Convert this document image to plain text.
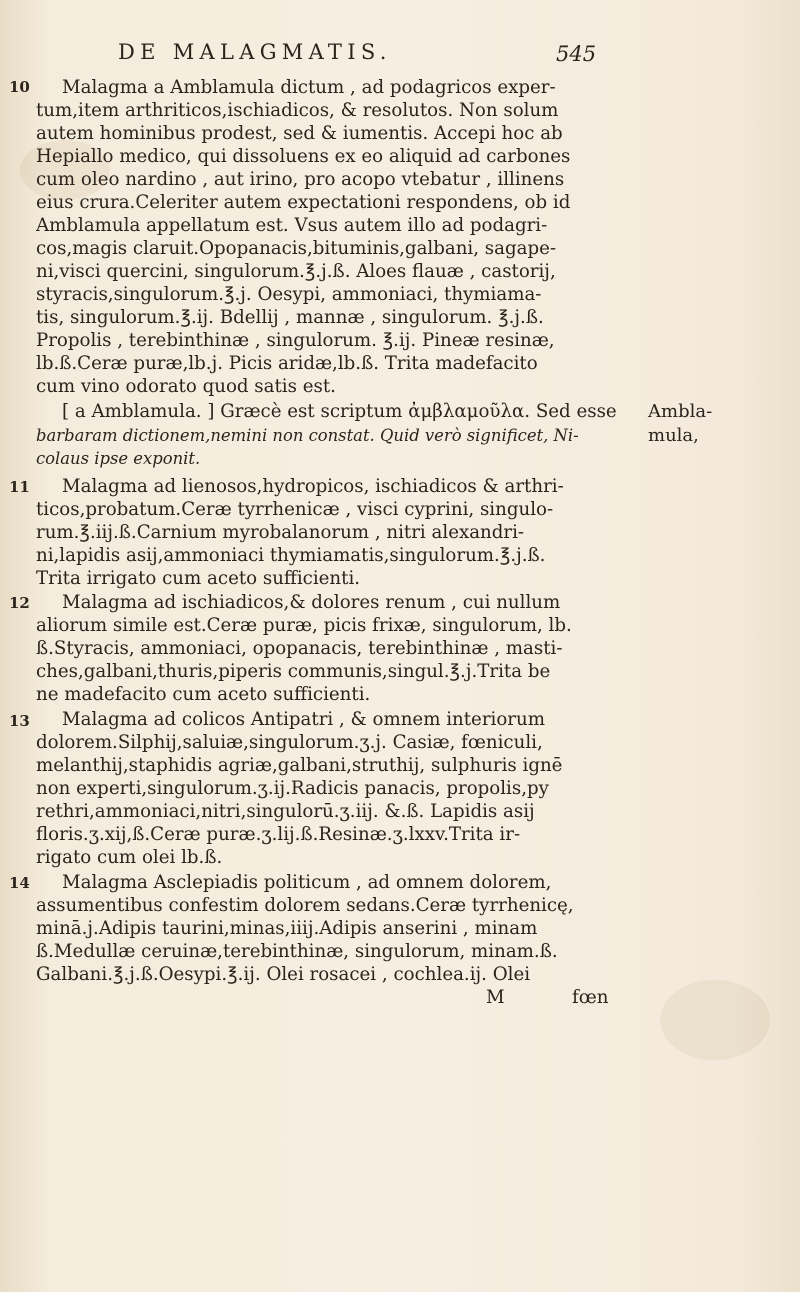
DE MALAGMATIS.	545
10 Malagma a Amblamula dictum , ad podagricos exper-
tum,item arthriticos,ischiadicos, & resolutos. Non solum
autem hominibus prodest, sed & iumentis. Accepi hoc ab
Hepiallo medico, qui dissoluens ex eo aliquid ad carbones
cum oleo nardino , aut irino, pro acopo vtebatur , illinens
eius crura.Celeriter autem expectationi respondens, ob id
Amblamula appellatum est. Vsus autem illo ad podagri-
cos,magis claruit.Opopanacis,bituminis,galbani, sagape-
ni,visci quercini, singulorum.℥.j.ß. Aloes flauæ , castorij,
styracis,singulorum.℥.j. Oesypi, ammoniaci, thymiama-
tis, singulorum.℥.ij. Bdellij , mannæ , singulorum. ℥.j.ß.
Propolis , terebinthinæ , singulorum. ℥.ij. Pineæ resinæ,
lb.ß.Ceræ puræ,lb.j. Picis aridæ,lb.ß. Trita madefacito
cum vino odorato quod satis est.
[ a Amblamula. ] Græcè est scriptum ἀμβλαμοῦλα. Sed esse
barbaram dictionem,nemini non constat. Quid verò significet, Ni-
colaus ipse exponit.
Ambla-
mula,
11 Malagma ad lienosos,hydropicos, ischiadicos & arthri-
ticos,probatum.Ceræ tyrrhenicæ , visci cyprini, singulo-
rum.℥.iij.ß.Carnium myrobalanorum , nitri alexandri-
ni,lapidis asij,ammoniaci thymiamatis,singulorum.℥.j.ß.
Trita irrigato cum aceto sufficienti.
12 Malagma ad ischiadicos,& dolores renum , cui nullum
aliorum simile est.Ceræ puræ, picis frixæ, singulorum, lb.
ß.Styracis, ammoniaci, opopanacis, terebinthinæ , masti-
ches,galbani,thuris,piperis communis,singul.℥.j.Trita be
ne madefacito cum aceto sufficienti.
13 Malagma ad colicos Antipatri , & omnem interiorum
dolorem.Silphij,saluiæ,singulorum.ʒ.j. Casiæ, fœniculi,
melanthij,staphidis agriæ,galbani,struthij, sulphuris ignē
non experti,singulorum.ʒ.ij.Radicis panacis, propolis,py
rethri,ammoniaci,nitri,singulorū.ʒ.iij. &.ß. Lapidis asij
floris.ʒ.xij,ß.Ceræ puræ.ʒ.lij.ß.Resinæ.ʒ.lxxv.Trita ir-
rigato cum olei lb.ß.
14 Malagma Asclepiadis politicum , ad omnem dolorem,
assumentibus confestim dolorem sedans.Ceræ tyrrhenicę,
minā.j.Adipis taurini,minas,iiij.Adipis anserini , minam
ß.Medullæ ceruinæ,terebinthinæ, singulorum, minam.ß.
Galbani.℥.j.ß.Oesypi.℥.ij. Olei rosacei , cochlea.ij. Olei
M	fœn
